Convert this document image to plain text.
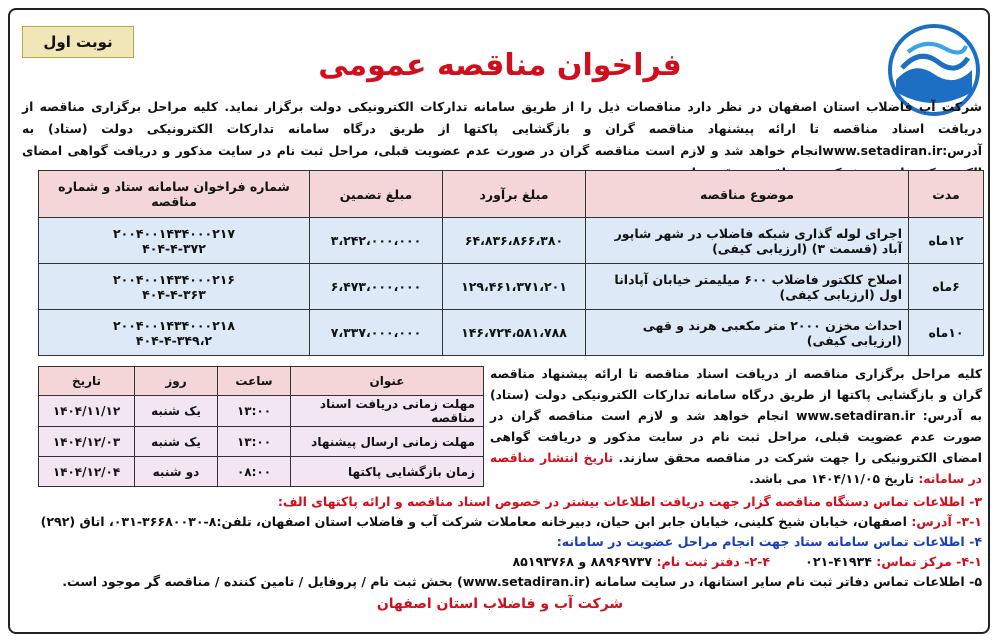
نوبت اول
فراخوان مناقصه عمومی
شرکت آب فاضلاب استان اصفهان در نظر دارد مناقصات ذیل را از طریق سامانه تدارکات الکترونیکی دولت برگزار نماید. کلیه مراحل برگزاری مناقصه از دریافت اسناد مناقصه تا ارائه پیشنهاد مناقصه گران و بازگشایی پاکتها از طریق درگاه سامانه تدارکات الکترونیکی دولت (ستاد) به آدرس:www.setadiran.irانجام خواهد شد و لازم است مناقصه گران در صورت عدم عضویت قبلی، مراحل ثبت نام در سایت مذکور و دریافت گواهی امضای
مدت	موضوع مناقصه	مبلغ برآورد	مبلغ تضمین	شماره فراخوان سامانه ستاد و شماره مناقصه
۱۲ماه	اجرای لوله گذاری شبکه فاضلاب در شهر شاپور آباد (قسمت ۳) (ارزیابی کیفی)	۶۴،۸۳۶،۸۶۶،۳۸۰	۳،۲۴۲،۰۰۰،۰۰۰	۲۰۰۴۰۰۱۴۳۴۰۰۰۲۱۷
۴۰۴-۴-۳۷۲

۶ماه	اصلاح کلکتور فاضلاب ۶۰۰ میلیمتر خیابان آپادانا اول (ارزیابی کیفی)	۱۲۹،۴۶۱،۳۷۱،۲۰۱	۶،۴۷۳،۰۰۰،۰۰۰	۲۰۰۴۰۰۱۴۳۴۰۰۰۲۱۶
۴۰۴-۴-۳۶۳

۱۰ماه	احداث مخزن ۲۰۰۰ متر مکعبی هرند و قهی (ارزیابی کیفی)	۱۴۶،۷۲۴،۵۸۱،۷۸۸	۷،۳۳۷،۰۰۰،۰۰۰	۲۰۰۴۰۰۱۴۳۴۰۰۰۲۱۸
۴۰۴-۴-۳۴۹،۲
کلیه مراحل برگزاری مناقصه از دریافت اسناد مناقصه تا ارائه پیشنهاد مناقصه گران و بازگشایی پاکتها از طریق درگاه سامانه تدارکات الکترونیکی دولت (ستاد) به آدرس: www.setadiran.ir انجام خواهد شد و لازم است مناقصه گران در صورت عدم عضویت قبلی، مراحل ثبت نام در سایت مذکور و دریافت گواهی امضای الکترونیکی را جهت شرکت در مناقصه محقق سازند. تاریخ انتشار مناقصه در سامانه: تاریخ ۱۴۰۴/۱۱/۰۵ می باشد.
عنوان	ساعت	روز	تاریخ
مهلت زمانی دریافت اسناد مناقصه	۱۳:۰۰	یک شنبه	۱۴۰۴/۱۱/۱۲
مهلت زمانی ارسال پیشنهاد	۱۳:۰۰	یک شنبه	۱۴۰۴/۱۲/۰۳
زمان بازگشایی پاکتها	۰۸:۰۰	دو شنبه	۱۴۰۴/۱۲/۰۴
۳- اطلاعات تماس دستگاه مناقصه گزار جهت دریافت اطلاعات بیشتر در خصوص اسناد مناقصه و ارائه پاکتهای الف:
۳-۱- آدرس: اصفهان، خیابان شیخ کلینی، خیابان جابر ابن حیان، دبیرخانه معاملات شرکت آب و فاضلاب استان اصفهان، تلفن:۸-۳۶۶۸۰۰۳۰-۰۳۱، اتاق (۲۹۲)
۴- اطلاعات تماس سامانه ستاد جهت انجام مراحل عضویت در سامانه:
۴-۱- مرکز تماس: ۴۱۹۳۴-۰۲۱        ۴-۲- دفتر ثبت نام: ۸۸۹۶۹۷۳۷ و ۸۵۱۹۳۷۶۸
۵- اطلاعات تماس دفاتر ثبت نام سایر استانها، در سایت سامانه (www.setadiran.ir) بخش ثبت نام / پروفایل / تامین کننده / مناقصه گر موجود است.
شرکت آب و فاضلاب استان اصفهان
